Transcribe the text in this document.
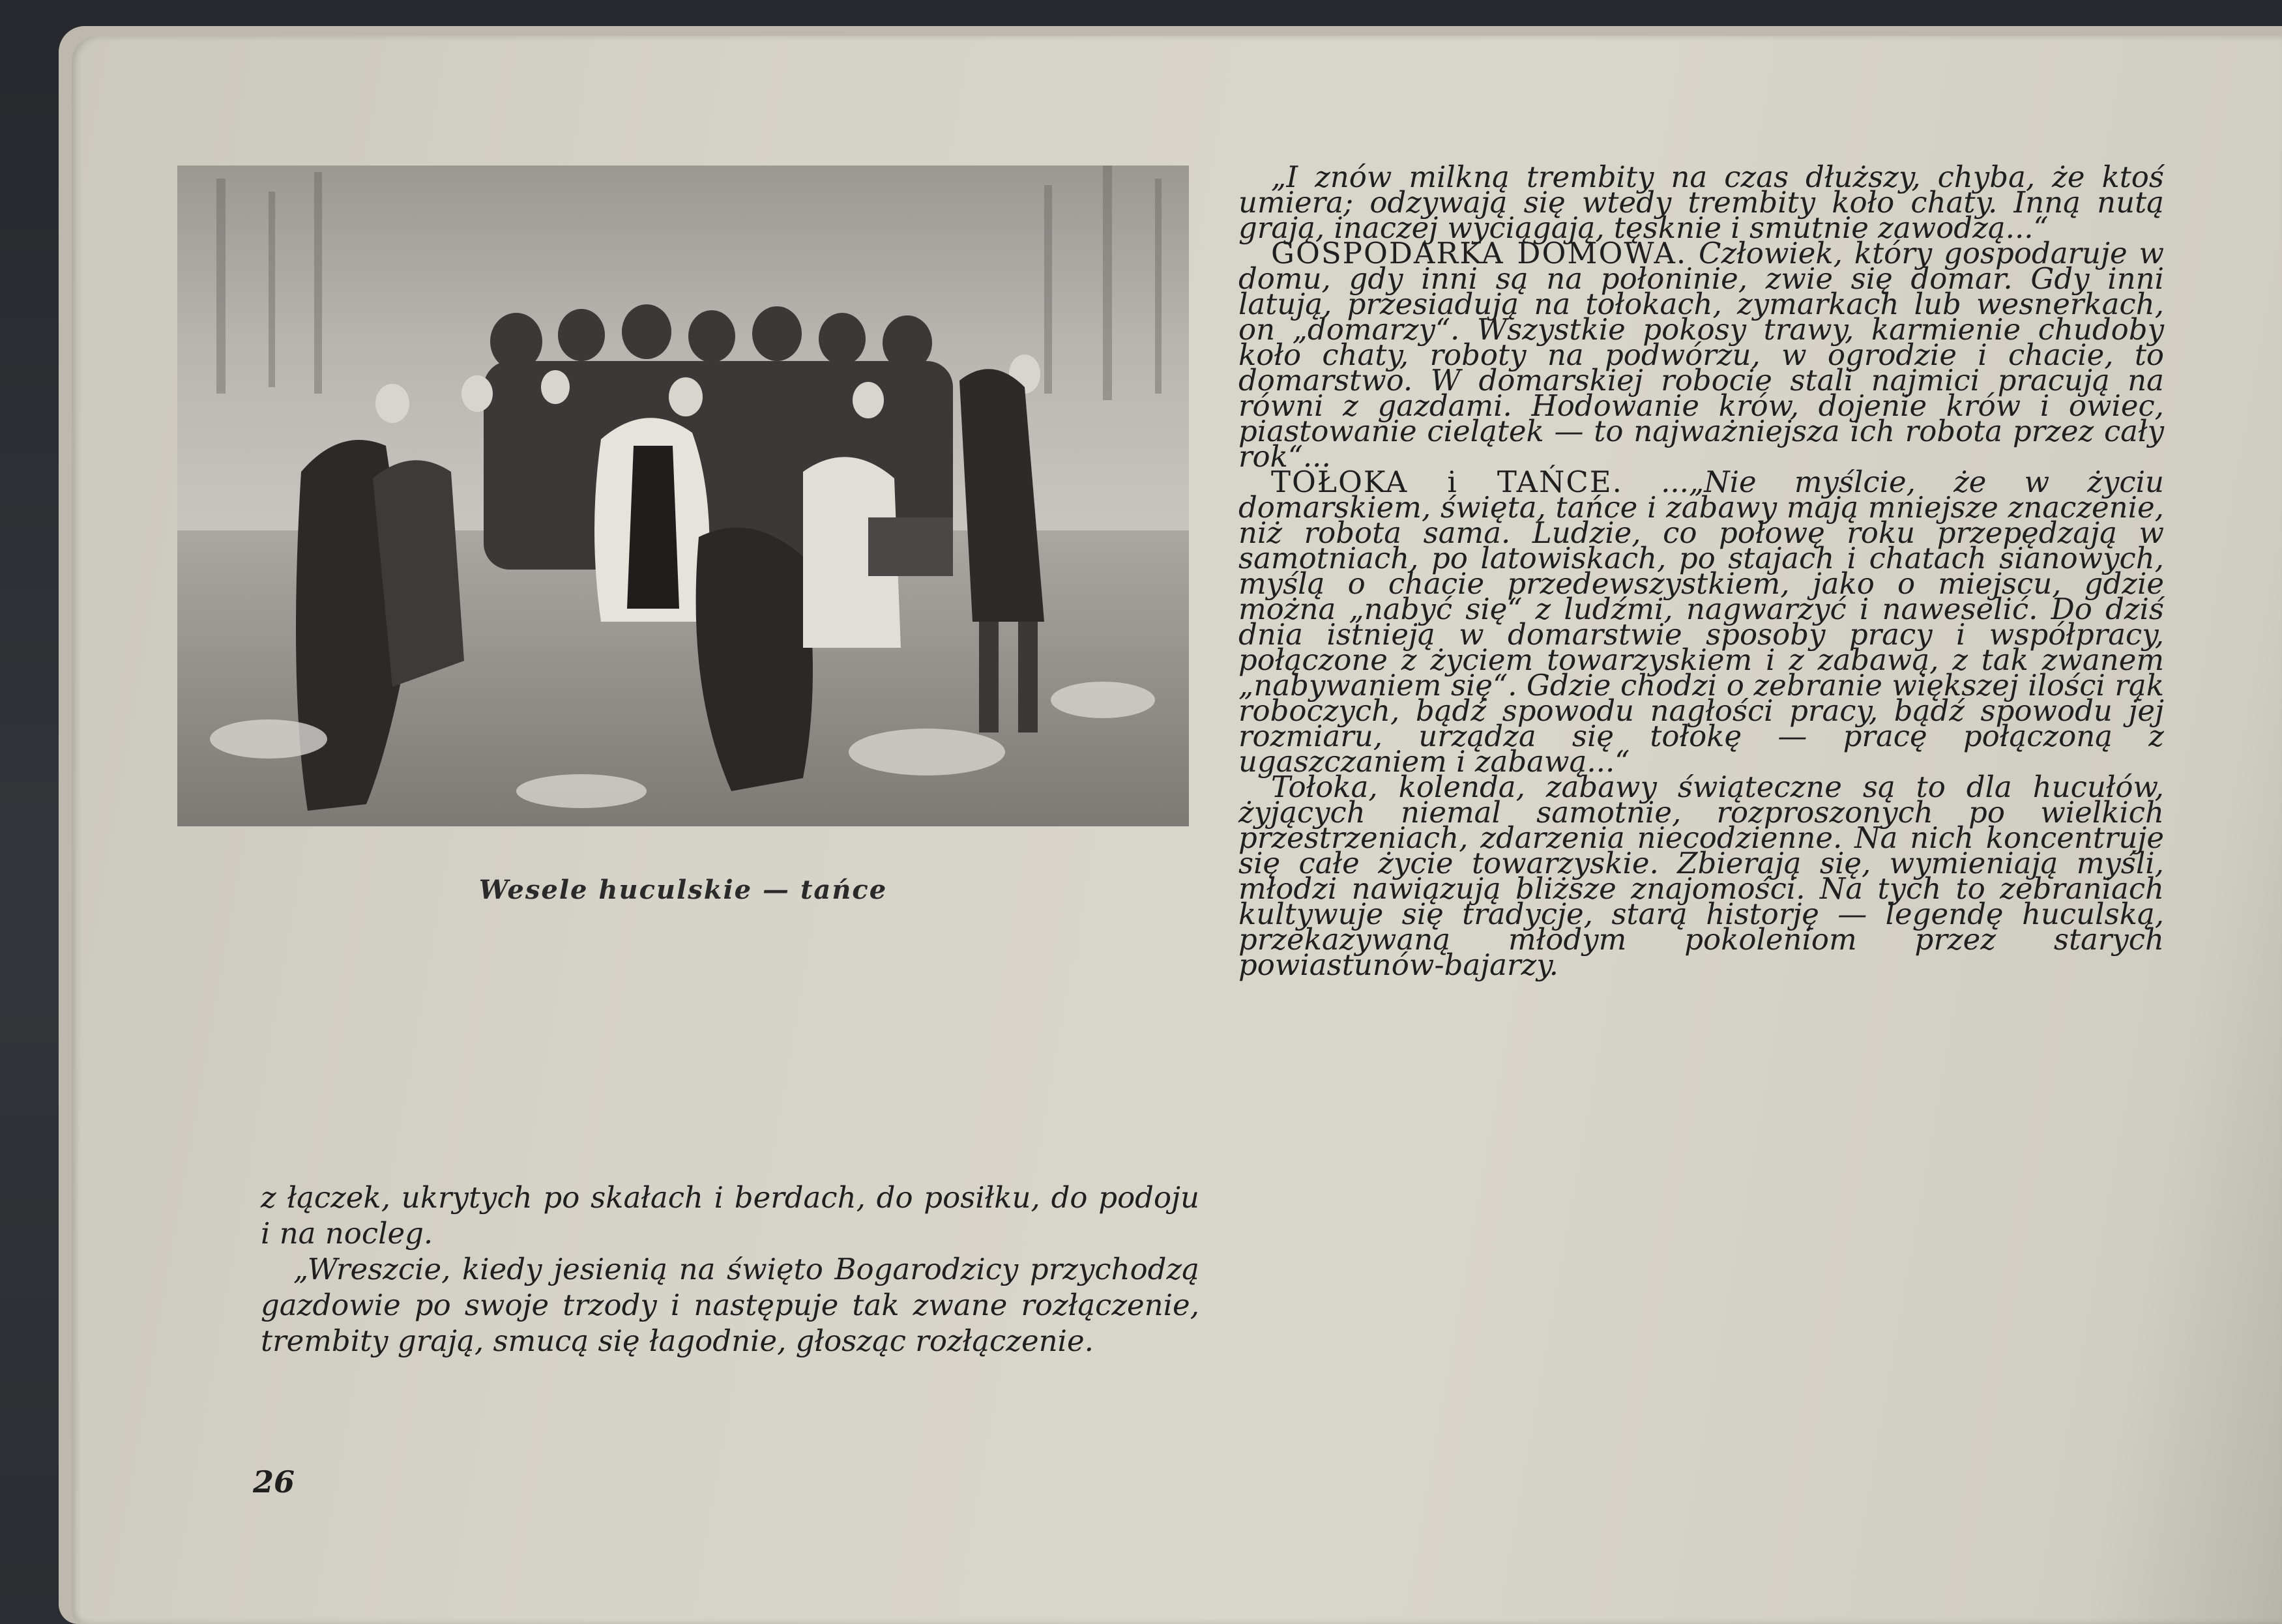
Wesele huculskie — tańce

z łączek, ukrytych po skałach i berdach, do posiłku, do podoju i na nocleg.

„Wreszcie, kiedy jesienią na święto Bogarodzicy przychodzą gazdowie po swoje trzody i następuje tak zwane rozłączenie, trembity grają, smucą się łagodnie, głosząc rozłączenie.

„I znów milkną trembity na czas dłuższy, chyba, że ktoś umiera; odzywają się wtedy trembity koło chaty. Inną nutą grają, inaczej wyciągają, tęsknie i smutnie zawodzą...“

GOSPODARKA DOMOWA. Człowiek, który gospodaruje w domu, gdy inni są na połoninie, zwie się domar. Gdy inni latują, przesiadują na tołokach, zymarkach lub wesnerkach, on „domarzy“. Wszystkie pokosy trawy, karmienie chudoby koło chaty, roboty na podwórzu, w ogrodzie i chacie, to domarstwo. W domarskiej robocie stali najmici pracują na równi z gazdami. Hodowanie krów, dojenie krów i owiec, piastowanie cielątek — to najważniejsza ich robota przez cały rok“...

TOŁOKA i TAŃCE. ...„Nie myślcie, że w życiu domarskiem, święta, tańce i zabawy mają mniejsze znaczenie, niż robota sama. Ludzie, co połowę roku przepędzają w samotniach, po latowiskach, po stajach i chatach sianowych, myślą o chacie przedewszystkiem, jako o miejscu, gdzie można „nabyć się“ z ludźmi, nagwarzyć i naweselić. Do dziś dnia istnieją w domarstwie sposoby pracy i współpracy, połączone z życiem towarzyskiem i z zabawą, z tak zwanem „nabywaniem się“. Gdzie chodzi o zebranie większej ilości rąk roboczych, bądź spowodu nagłości pracy, bądź spowodu jej rozmiaru, urządza się tołokę — pracę połączoną z ugaszczaniem i zabawą...“

Tołoka, kolenda, zabawy świąteczne są to dla hucułów, żyjących niemal samotnie, rozproszonych po wielkich przestrzeniach, zdarzenia niecodzienne. Na nich koncentruje się całe życie towarzyskie. Zbierają się, wymieniają myśli, młodzi nawiązują bliższe znajomości. Na tych to zebraniach kultywuje się tradycje, starą historję — legendę huculską, przekazywaną młodym pokoleniom przez starych powiastunów-bajarzy.

26
